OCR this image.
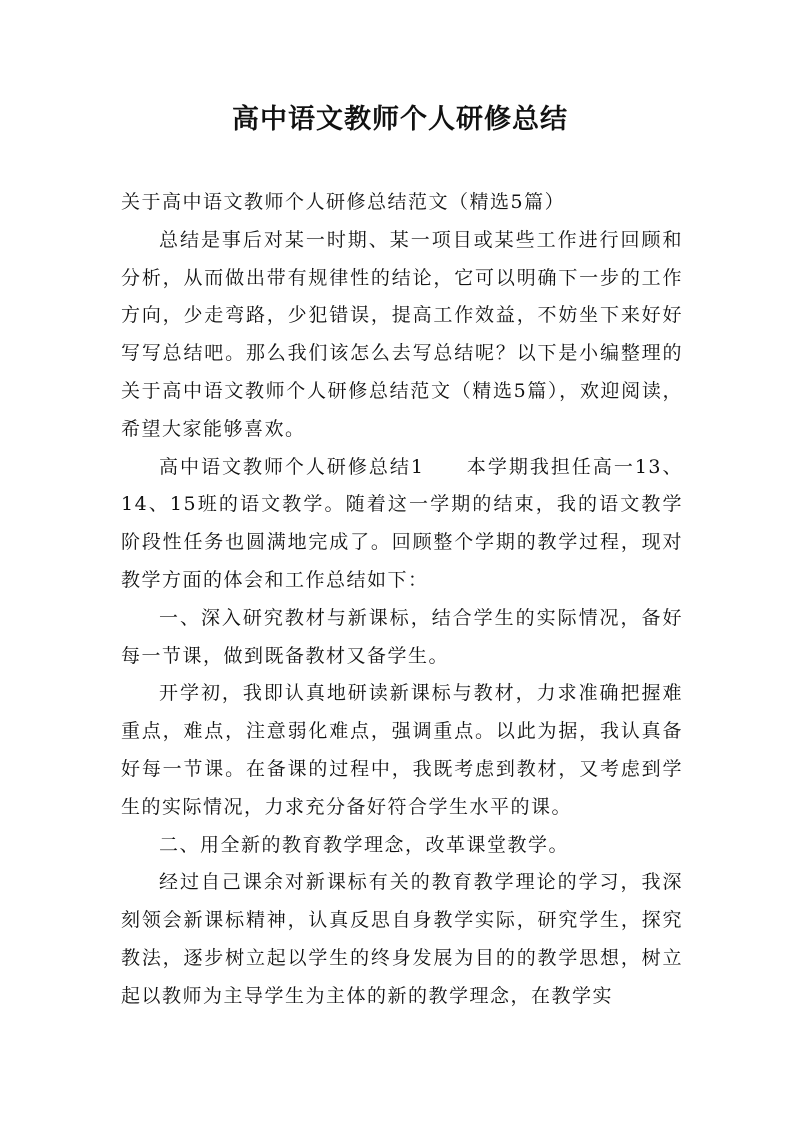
高中语文教师个人研修总结

关于高中语文教师个人研修总结范文（精选5篇）

总结是事后对某一时期、某一项目或某些工作进行回顾和分析，从而做出带有规律性的结论，它可以明确下一步的工作方向，少走弯路，少犯错误，提高工作效益，不妨坐下来好好写写总结吧。那么我们该怎么去写总结呢？以下是小编整理的关于高中语文教师个人研修总结范文（精选5篇），欢迎阅读，希望大家能够喜欢。

高中语文教师个人研修总结1　　本学期我担任高一13、14、15班的语文教学。随着这一学期的结束，我的语文教学阶段性任务也圆满地完成了。回顾整个学期的教学过程，现对教学方面的体会和工作总结如下：

一、深入研究教材与新课标，结合学生的实际情况，备好每一节课，做到既备教材又备学生。

开学初，我即认真地研读新课标与教材，力求准确把握难重点，难点，注意弱化难点，强调重点。以此为据，我认真备好每一节课。在备课的过程中，我既考虑到教材，又考虑到学生的实际情况，力求充分备好符合学生水平的课。

二、用全新的教育教学理念，改革课堂教学。

经过自己课余对新课标有关的教育教学理论的学习，我深刻领会新课标精神，认真反思自身教学实际，研究学生，探究教法，逐步树立起以学生的终身发展为目的的教学思想，树立起以教师为主导学生为主体的新的教学理念，在教学实
